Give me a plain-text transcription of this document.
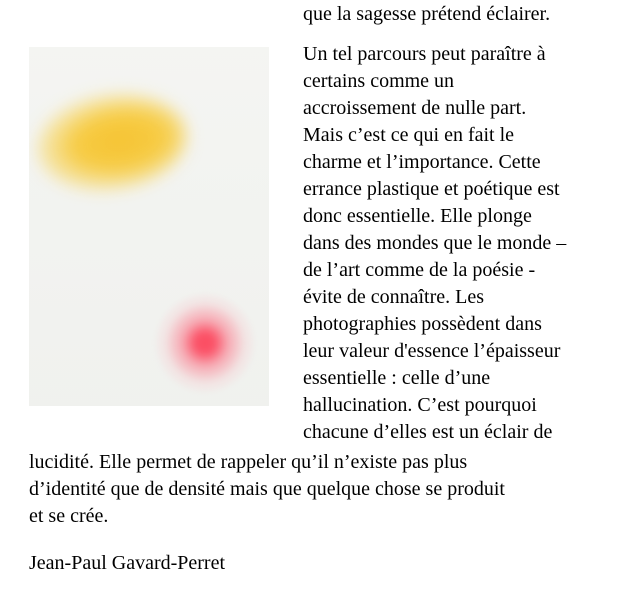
que la sagesse prétend éclairer.

Un tel parcours peut paraître à
certains comme un
accroissement de nulle part.
Mais c’est ce qui en fait le
charme et l’importance. Cette
errance plastique et poétique est
donc essentielle. Elle plonge
dans des mondes que le monde –
de l’art comme de la poésie -
évite de connaître. Les
photographies possèdent dans
leur valeur d'essence l’épaisseur
essentielle : celle d’une
hallucination. C’est pourquoi
chacune d’elles est un éclair de

lucidité. Elle permet de rappeler qu’il n’existe pas plus
d’identité que de densité mais que quelque chose se produit
et se crée.

Jean-Paul Gavard-Perret
